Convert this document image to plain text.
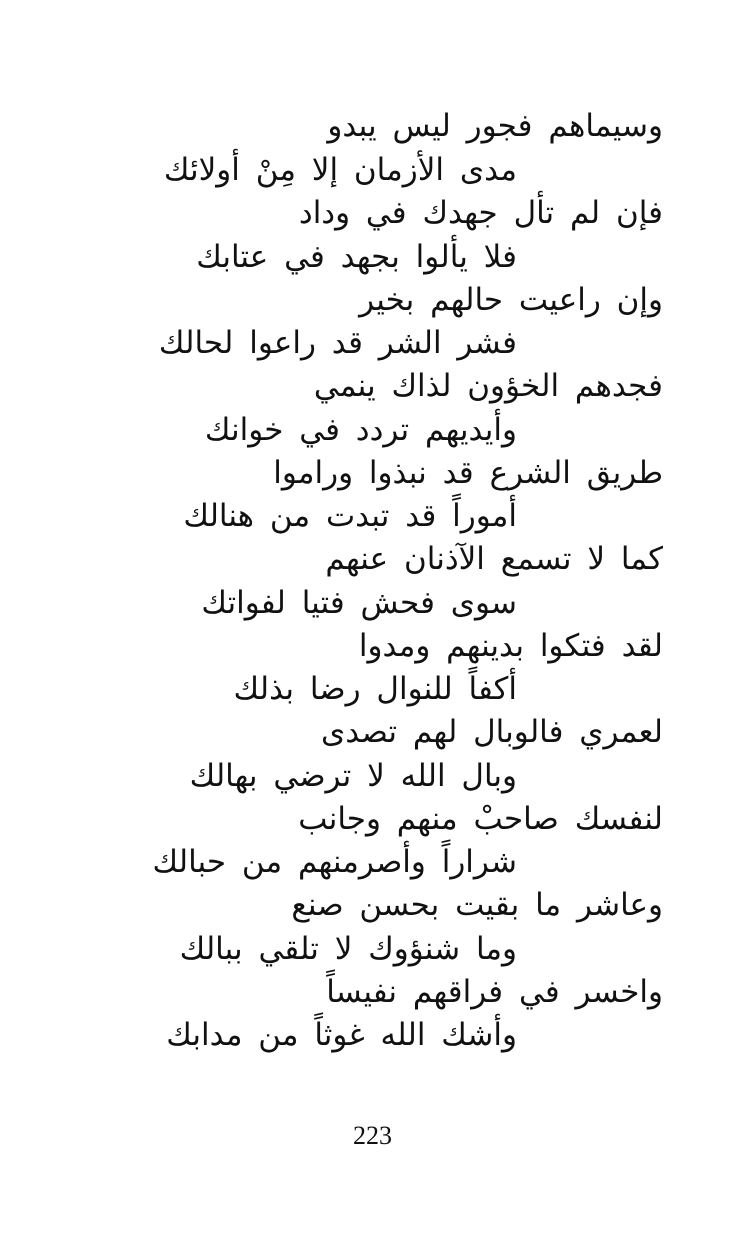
وسيماهم فجور ليس يبدو
مدى الأزمان إلا مِنْ أولائك
فإن لم تأل جهدك في وداد
فلا يألوا بجهد في عتابك
وإن راعيت حالهم بخير
فشر الشر قد راعوا لحالك
فجدهم الخؤون لذاك ينمي
وأيديهم تردد في خوانك
طريق الشرع قد نبذوا وراموا
أموراً قد تبدت من هنالك
كما لا تسمع الآذنان عنهم
سوى فحش فتيا لفواتك
لقد فتكوا بدينهم ومدوا
أكفاً للنوال رضا بذلك
لعمري فالوبال لهم تصدى
وبال الله لا ترضي بهالك
لنفسك صاحبْ منهم وجانب
شراراً وأصرمنهم من حبالك
وعاشر ما بقيت بحسن صنع
وما شنؤوك لا تلقي ببالك
واخسر في فراقهم نفيساً
وأشك الله غوثاً من مدابك
223
